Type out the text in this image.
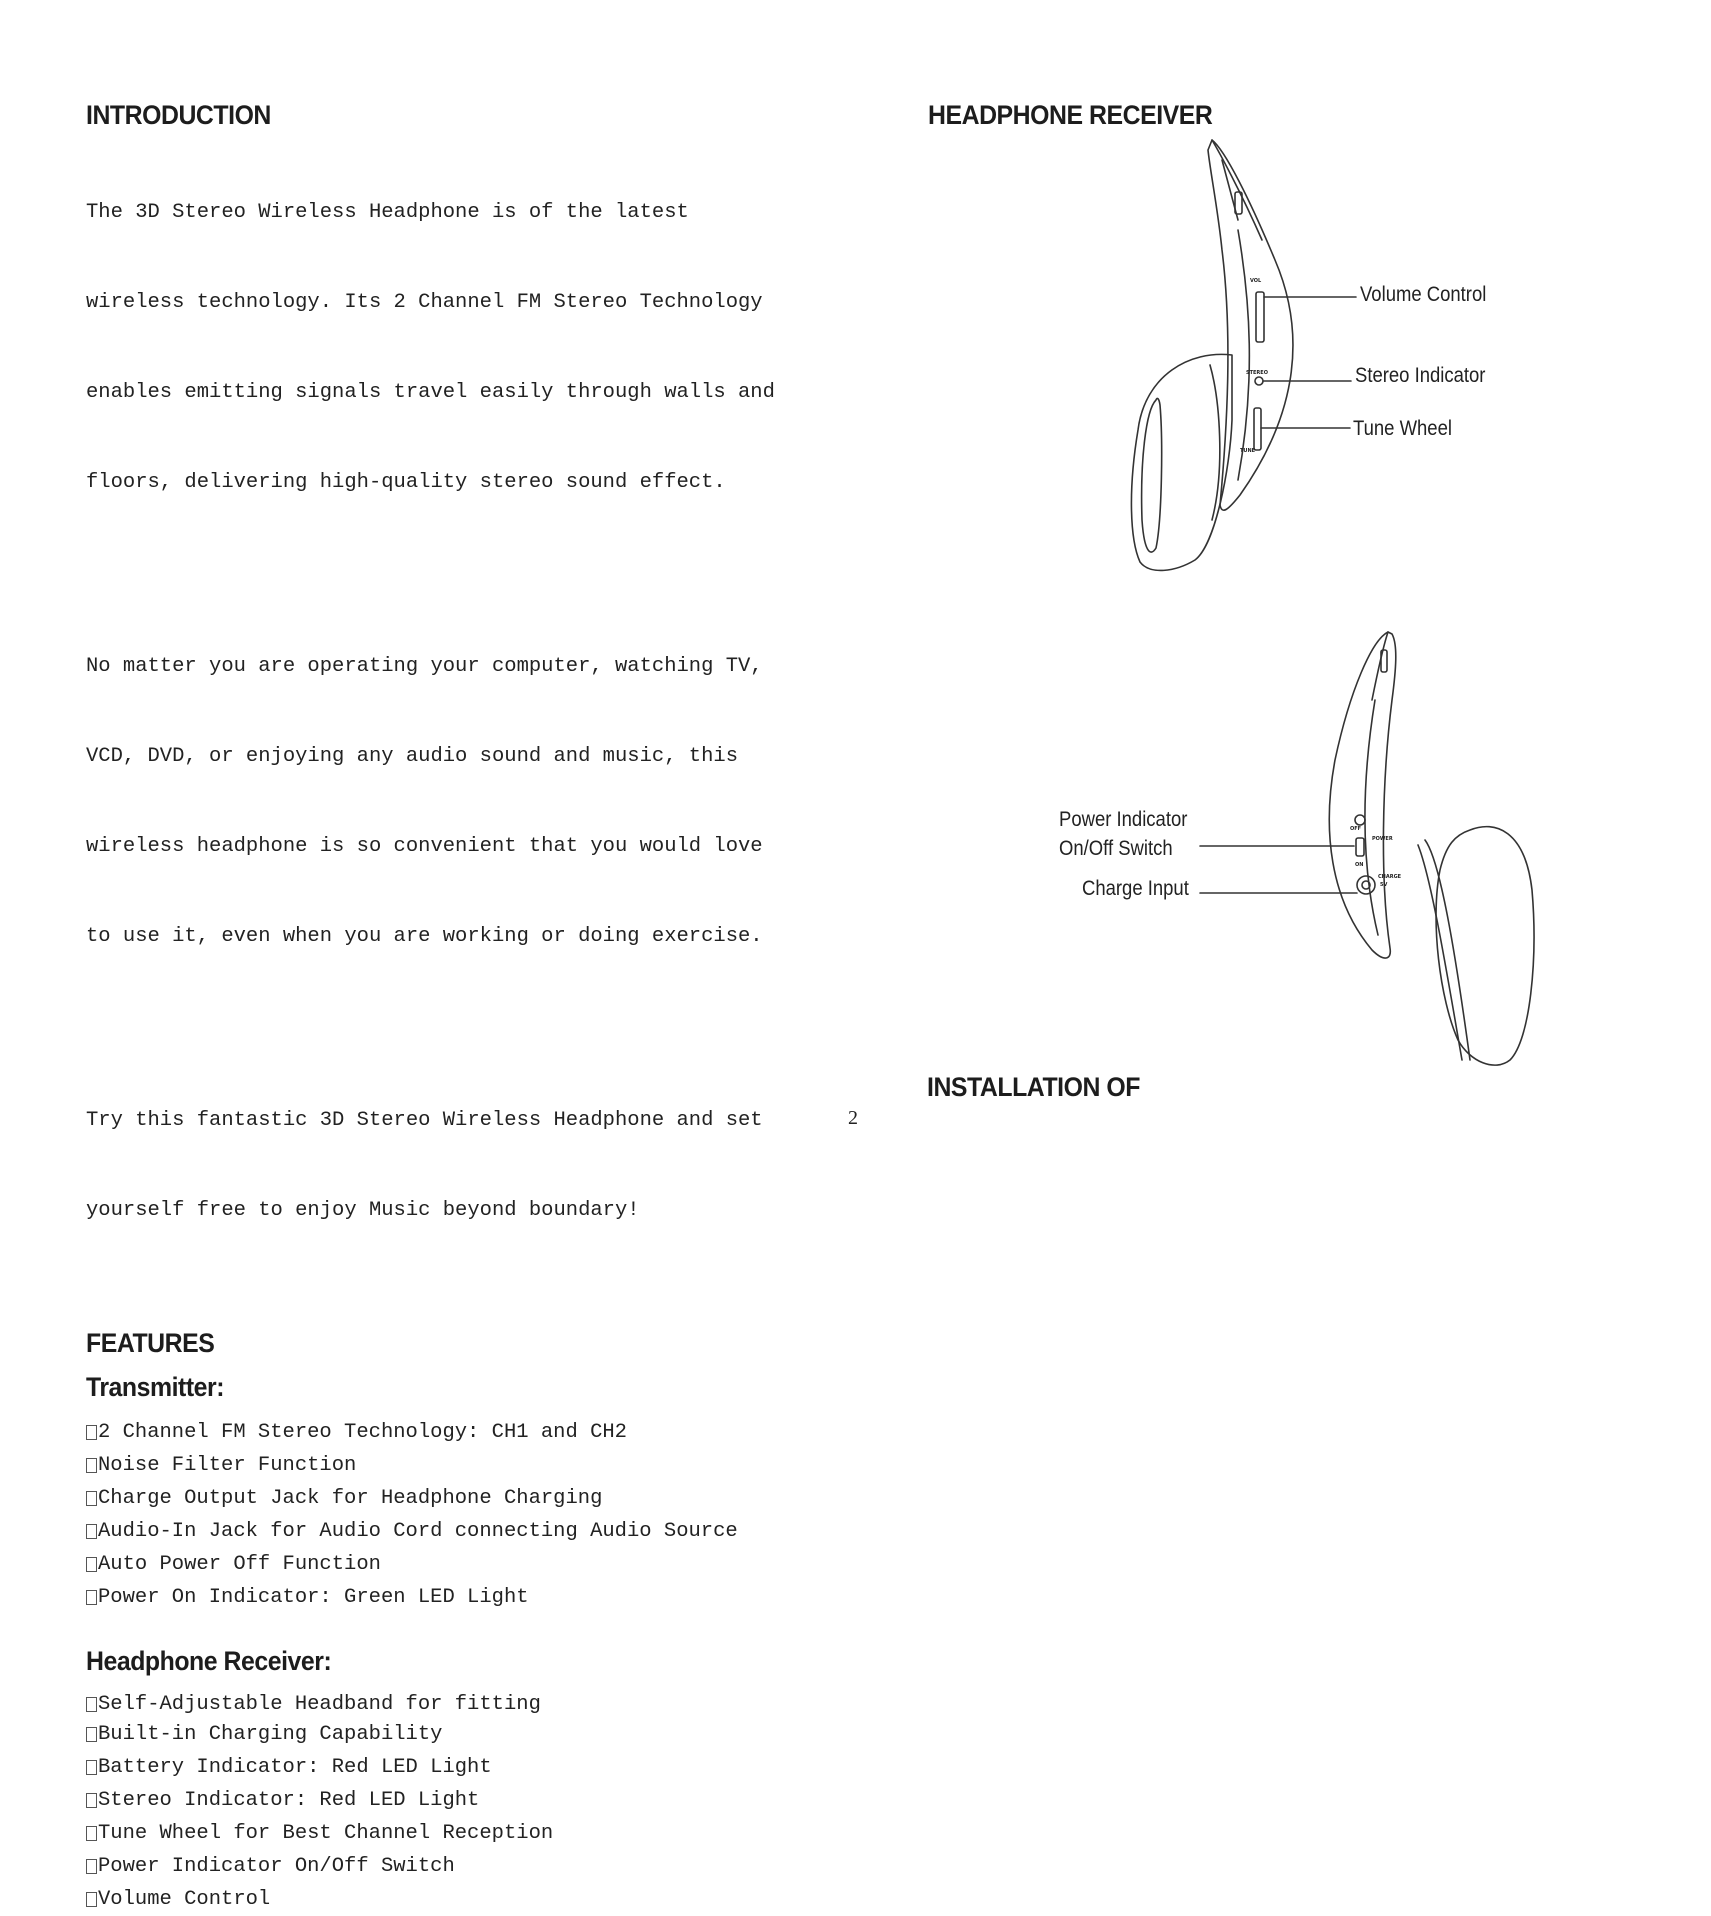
INTRODUCTION

The 3D Stereo Wireless Headphone is of the latest

wireless technology. Its 2 Channel FM Stereo Technology

enables emitting signals travel easily through walls and

floors, delivering high-quality stereo sound effect.

No matter you are operating your computer, watching TV,

VCD, DVD, or enjoying any audio sound and music, this

wireless headphone is so convenient that you would love

to use it, even when you are working or doing exercise.

Try this fantastic 3D Stereo Wireless Headphone and set

yourself free to enjoy Music beyond boundary!

FEATURES
Transmitter:
2 Channel FM Stereo Technology: CH1 and CH2
Noise Filter Function
Charge Output Jack for Headphone Charging
Audio-In Jack for Audio Cord connecting Audio Source
Auto Power Off Function
Power On Indicator: Green LED Light
Headphone Receiver:
Self-Adjustable Headband for fitting
Built-in Charging Capability
Battery Indicator: Red LED Light
Stereo Indicator: Red LED Light
Tune Wheel for Best Channel Reception
Power Indicator On/Off Switch
Volume Control
HEADPHONE RECEIVER
VOL
STEREO
TUNE
Volume Control
Stereo Indicator
Tune Wheel
OFF
POWER
ON
CHARGE
5V
Power Indicator
On/Off Switch
Charge Input
INSTALLATION OF
2
